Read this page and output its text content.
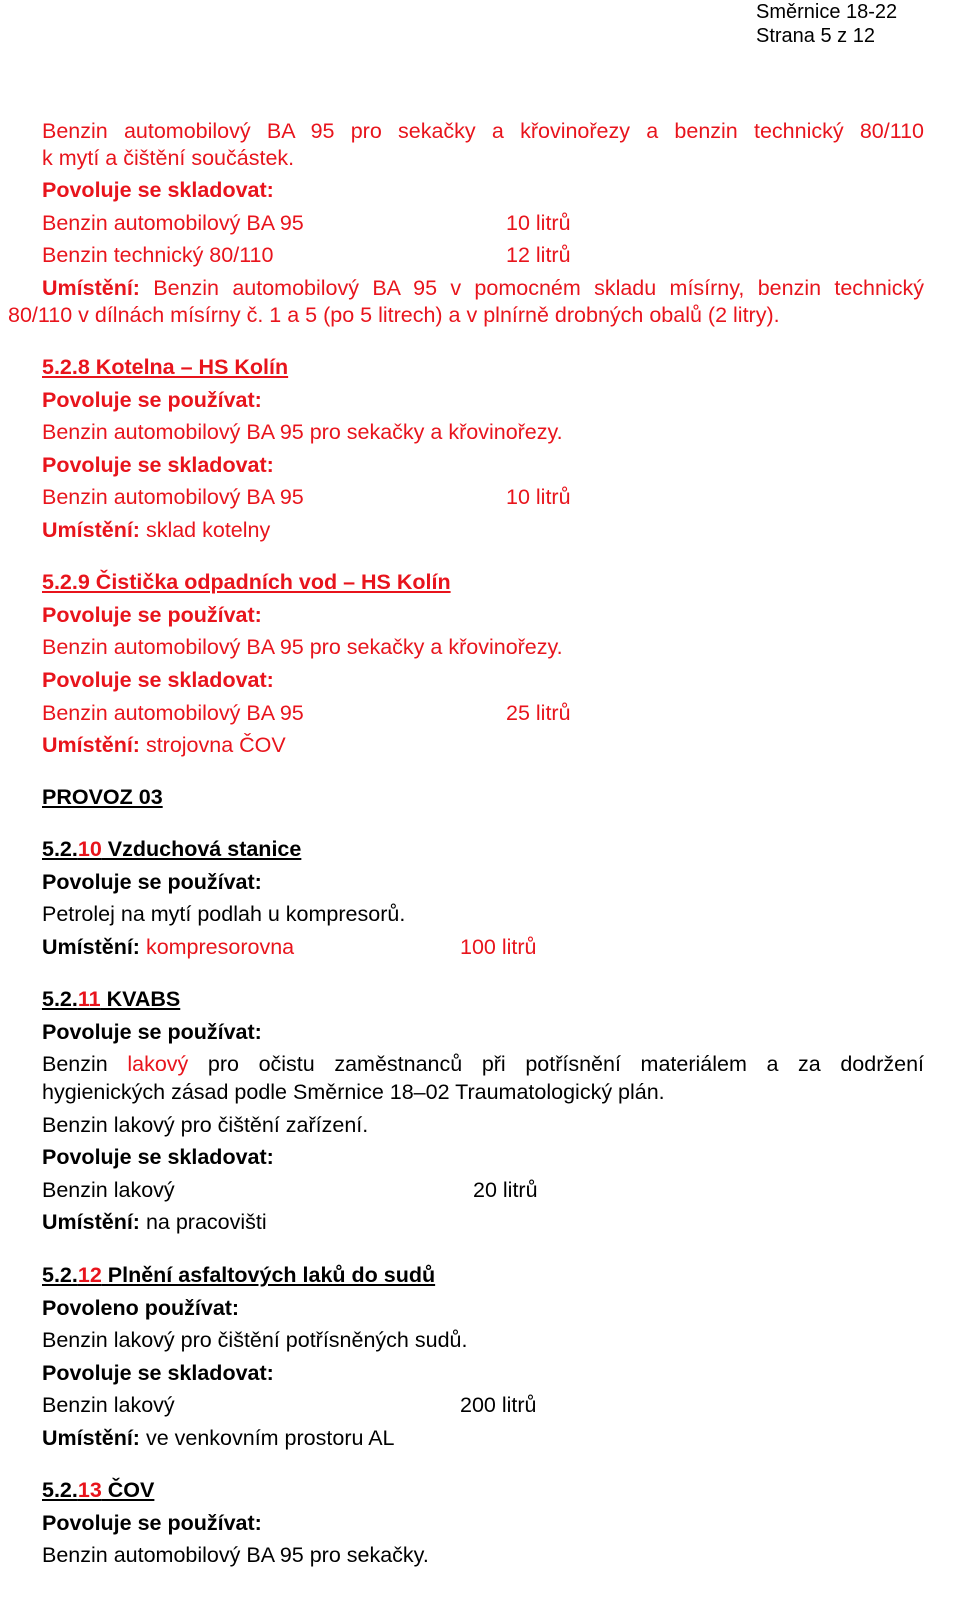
Směrnice 18-22
Strana 5 z 12
Benzin automobilový BA 95 pro sekačky a křovinořezy a benzin technický 80/110
k mytí a čištění součástek.
Povoluje se skladovat:
Benzin automobilový BA 95	10 litrů
Benzin technický 80/110	12 litrů
Umístění: Benzin automobilový BA 95 v pomocném skladu mísírny, benzin technický
80/110 v dílnách mísírny č. 1 a 5 (po 5 litrech) a v plnírně drobných obalů (2 litry).
5.2.8 Kotelna – HS Kolín
Povoluje se používat:
Benzin automobilový BA 95 pro sekačky a křovinořezy.
Povoluje se skladovat:
Benzin automobilový BA 95	10 litrů
Umístění: sklad kotelny
5.2.9 Čistička odpadních vod – HS Kolín
Povoluje se používat:
Benzin automobilový BA 95 pro sekačky a křovinořezy.
Povoluje se skladovat:
Benzin automobilový BA 95	25 litrů
Umístění: strojovna ČOV
PROVOZ 03
5.2.10 Vzduchová stanice
Povoluje se používat:
Petrolej na mytí podlah u kompresorů.
Umístění: kompresorovna	100 litrů
5.2.11 KVABS
Povoluje se používat:
Benzin lakový pro očistu zaměstnanců při potřísnění materiálem a za dodržení
hygienických zásad podle Směrnice 18–02 Traumatologický plán.
Benzin lakový pro čištění zařízení.
Povoluje se skladovat:
Benzin lakový	20 litrů
Umístění: na pracovišti
5.2.12 Plnění asfaltových laků do sudů
Povoleno používat:
Benzin lakový pro čištění potřísněných sudů.
Povoluje se skladovat:
Benzin lakový	200 litrů
Umístění: ve venkovním prostoru AL
5.2.13 ČOV
Povoluje se používat:
Benzin automobilový BA 95 pro sekačky.
